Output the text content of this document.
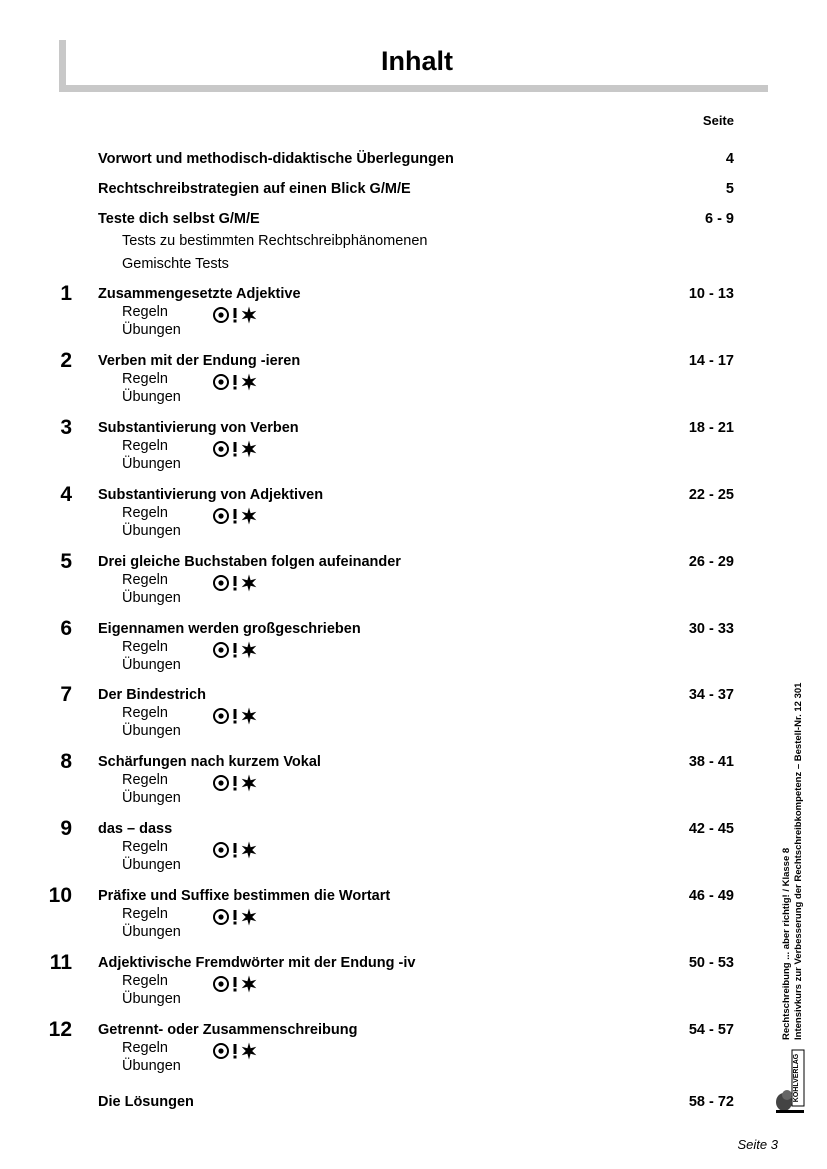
Inhalt
Seite
Vorwort und methodisch-didaktische Überlegungen	4
Rechtschreibstrategien auf einen Blick G/M/E	5
Teste dich selbst G/M/E	6 - 9
Tests zu bestimmten Rechtschreibphänomenen
Gemischte Tests
1 Zusammengesetzte Adjektive	10 - 13
Regeln
Übungen
2 Verben mit der Endung -ieren	14 - 17
Regeln
Übungen
3 Substantivierung von Verben	18 - 21
Regeln
Übungen
4 Substantivierung von Adjektiven	22 - 25
Regeln
Übungen
5 Drei gleiche Buchstaben folgen aufeinander	26 - 29
Regeln
Übungen
6 Eigennamen werden großgeschrieben	30 - 33
Regeln
Übungen
7 Der Bindestrich	34 - 37
Regeln
Übungen
8 Schärfungen nach kurzem Vokal	38 - 41
Regeln
Übungen
9 das – dass	42 - 45
Regeln
Übungen
10 Präfixe und Suffixe bestimmen die Wortart	46 - 49
Regeln
Übungen
11 Adjektivische Fremdwörter mit der Endung -iv	50 - 53
Regeln
Übungen
12 Getrennt- oder Zusammenschreibung	54 - 57
Regeln
Übungen
Die Lösungen	58 - 72
Rechtschreibung ... aber richtig! / Klasse 8 Intensivkurs zur Verbesserung der Rechtschreibkompetenz – Bestell-Nr. 12 301
KOHLVERLAG
Seite 3
